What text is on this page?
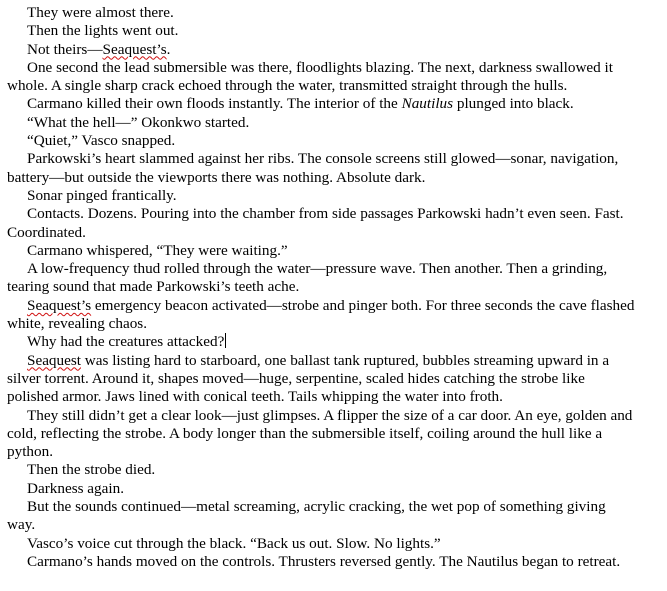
They were almost there.

Then the lights went out.

Not theirs—Seaquest’s.

One second the lead submersible was there, floodlights blazing. The next, darkness swallowed it whole. A single sharp crack echoed through the water, transmitted straight through the hulls.

Carmano killed their own floods instantly. The interior of the Nautilus plunged into black.

“What the hell—” Okonkwo started.

“Quiet,” Vasco snapped.

Parkowski’s heart slammed against her ribs. The console screens still glowed—sonar, navigation, battery—but outside the viewports there was nothing. Absolute dark.

Sonar pinged frantically.

Contacts. Dozens. Pouring into the chamber from side passages Parkowski hadn’t even seen. Fast. Coordinated.

Carmano whispered, “They were waiting.”

A low-frequency thud rolled through the water—pressure wave. Then another. Then a grinding, tearing sound that made Parkowski’s teeth ache.

Seaquest’s emergency beacon activated—strobe and pinger both. For three seconds the cave flashed white, revealing chaos.

Why had the creatures attacked?

Seaquest was listing hard to starboard, one ballast tank ruptured, bubbles streaming upward in a silver torrent. Around it, shapes moved—huge, serpentine, scaled hides catching the strobe like polished armor. Jaws lined with conical teeth. Tails whipping the water into froth.

They still didn’t get a clear look—just glimpses. A flipper the size of a car door. An eye, golden and cold, reflecting the strobe. A body longer than the submersible itself, coiling around the hull like a python.

Then the strobe died.

Darkness again.

But the sounds continued—metal screaming, acrylic cracking, the wet pop of something giving way.

Vasco’s voice cut through the black. “Back us out. Slow. No lights.”

Carmano’s hands moved on the controls. Thrusters reversed gently. The Nautilus began to retreat.
